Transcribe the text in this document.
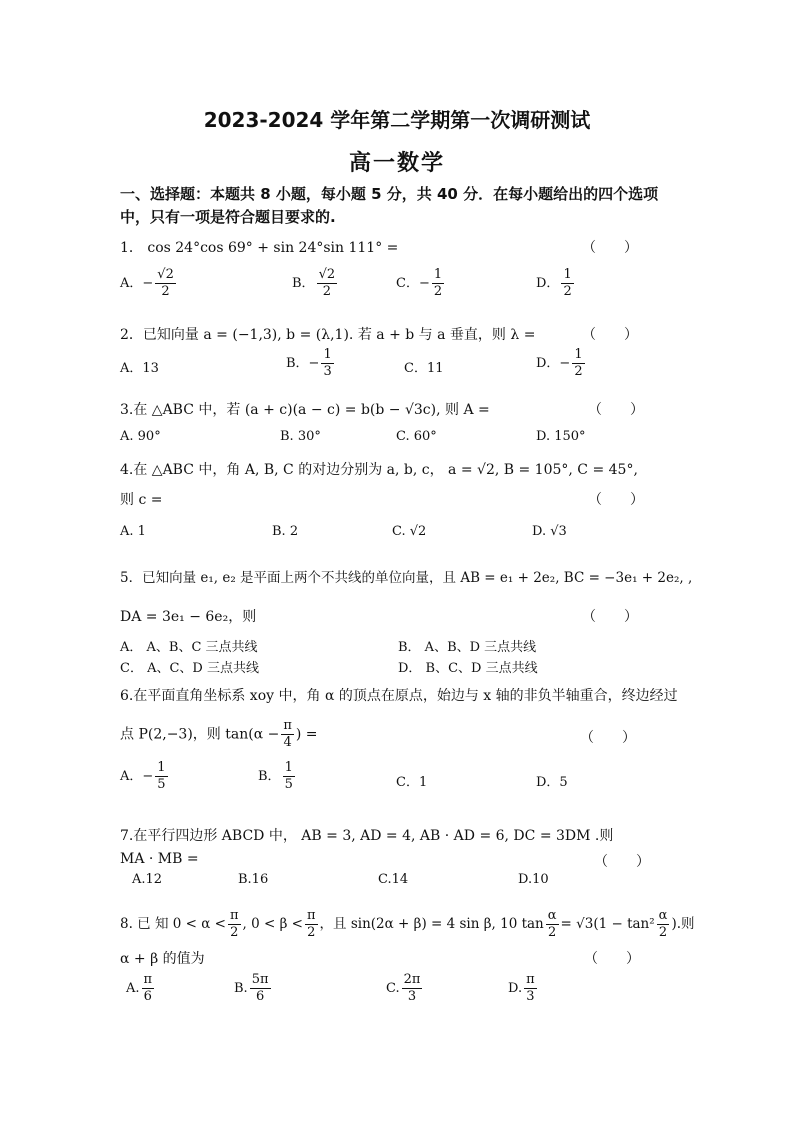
2023-2024 学年第二学期第一次调研测试
高一数学
一、选择题：本题共 8 小题，每小题 5 分，共 40 分．在每小题给出的四个选项中，只有一项是符合题目要求的.
1． cos 24°cos 69° + sin 24°sin 111° =	（　　）
A．− $\frac{√2}{2}$	B． $\frac{√2}{2}$	C．− $\frac{1}{2}$	D． $\frac{1}{2}$
2．已知向量 a = (−1,3), b = (λ,1). 若 a + b 与 a 垂直，则 λ =	（　　）
A．13	B．− $\frac{1}{3}$	C．11	D．− $\frac{1}{2}$
3.在 △ABC 中，若 (a + c)(a − c) = b(b − √3c), 则 A =	（　　）
A. 90°	B. 30°	C. 60°	D. 150°
4.在 △ABC 中，角 A, B, C 的对边分别为 a, b, c， a = √2, B = 105°, C = 45°,
则 c =	（　　）
A. 1	B. 2	C. √2	D. √3
5．已知向量 e₁, e₂ 是平面上两个不共线的单位向量，且 AB = e₁ + 2e₂, BC = −3e₁ + 2e₂, ,
DA = 3e₁ − 6e₂，则	（　　）
A． A、B、C 三点共线	B． A、B、D 三点共线
C． A、C、D 三点共线	D． B、C、D 三点共线
6.在平面直角坐标系 xoy 中，角 α 的顶点在原点，始边与 x 轴的非负半轴重合，终边经过
点 P(2,−3)，则 $\tan(\alpha - \frac{\pi}{4}$ ) =	（　　）
A．− $\frac{1}{5}$	B． $\frac{1}{5}$	C．1	D．5
7.在平行四边形 ABCD 中， AB = 3, AD = 4, AB · AD = 6, DC = 3DM .则
MA · MB =	（　　）
A.12	B.16	C.14	D.10
8. 已 知 $0 < \alpha < \frac{\pi}{2}$ , $0 < \beta < \frac{\pi}{2}$ ，且 sin(2α + β) = 4 sin β, 10 $\tan \frac{\alpha}{2} = √3(1 - \tan^2 \frac{\alpha}{2}$ ).则
α + β 的值为	（　　）
A. $\frac{\pi}{6}$	B. $\frac{5\pi}{6}$	C. $\frac{2\pi}{3}$	D. $\frac{\pi}{3}$
